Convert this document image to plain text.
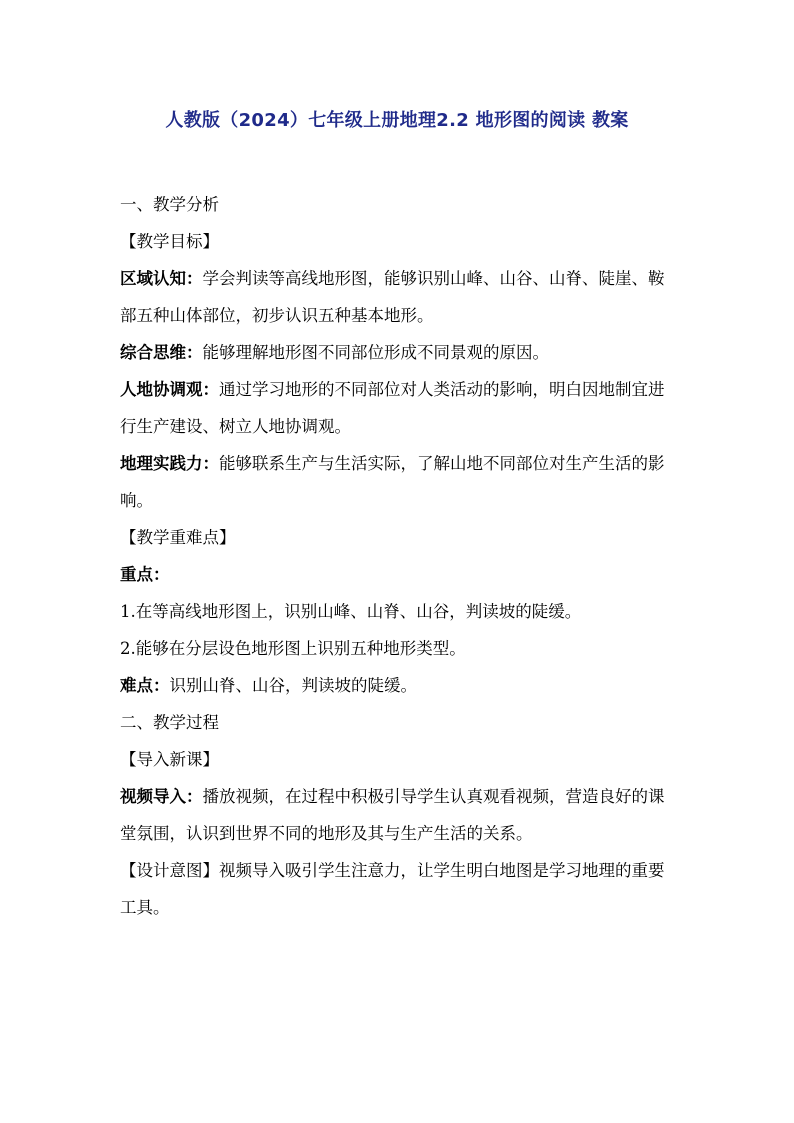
人教版（2024）七年级上册地理2.2 地形图的阅读 教案

一、教学分析

【教学目标】

区域认知：学会判读等高线地形图，能够识别山峰、山谷、山脊、陡崖、鞍部五种山体部位，初步认识五种基本地形。

综合思维：能够理解地形图不同部位形成不同景观的原因。

人地协调观：通过学习地形的不同部位对人类活动的影响，明白因地制宜进行生产建设、树立人地协调观。

地理实践力：能够联系生产与生活实际，了解山地不同部位对生产生活的影响。

【教学重难点】

重点：

1.在等高线地形图上，识别山峰、山脊、山谷，判读坡的陡缓。

2.能够在分层设色地形图上识别五种地形类型。

难点：识别山脊、山谷，判读坡的陡缓。

二、教学过程

【导入新课】

视频导入：播放视频，在过程中积极引导学生认真观看视频，营造良好的课堂氛围，认识到世界不同的地形及其与生产生活的关系。

【设计意图】视频导入吸引学生注意力，让学生明白地图是学习地理的重要工具。
